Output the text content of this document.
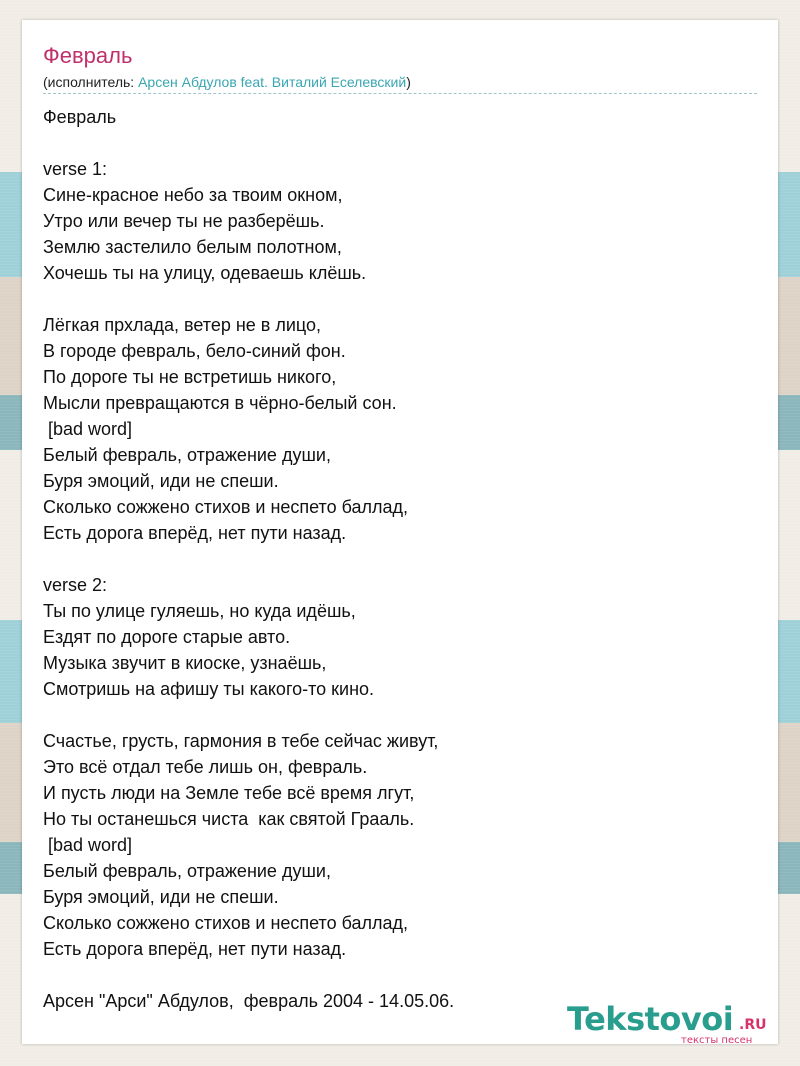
Февраль
(исполнитель: Арсен Абдулов feat. Виталий Еселевский)
Февраль
verse 1:
Сине-красное небо за твоим окном,
Утро или вечер ты не разберёшь.
Землю застелило белым полотном,
Хочешь ты на улицу, одеваешь клёшь.
Лёгкая прхлада, ветер не в лицо,
В городе февраль, бело-синий фон.
По дороге ты не встретишь никого,
Мысли превращаются в чёрно-белый сон.
[bad word]
Белый февраль, отражение души,
Буря эмоций, иди не спеши.
Сколько сожжено стихов и неспето баллад,
Есть дорога вперёд, нет пути назад.
verse 2:
Ты по улице гуляешь, но куда идёшь,
Ездят по дороге старые авто.
Музыка звучит в киоске, узнаёшь,
Смотришь на афишу ты какого-то кино.
Счастье, грусть, гармония в тебе сейчас живут,
Это всё отдал тебе лишь он, февраль.
И пусть люди на Земле тебе всё время лгут,
Но ты останешься чиста  как святой Грааль.
[bad word]
Белый февраль, отражение души,
Буря эмоций, иди не спеши.
Сколько сожжено стихов и неспето баллад,
Есть дорога вперёд, нет пути назад.
Арсен "Арси" Абдулов,  февраль 2004 - 14.05.06.	Tekstovoi .RU
тексты песен
